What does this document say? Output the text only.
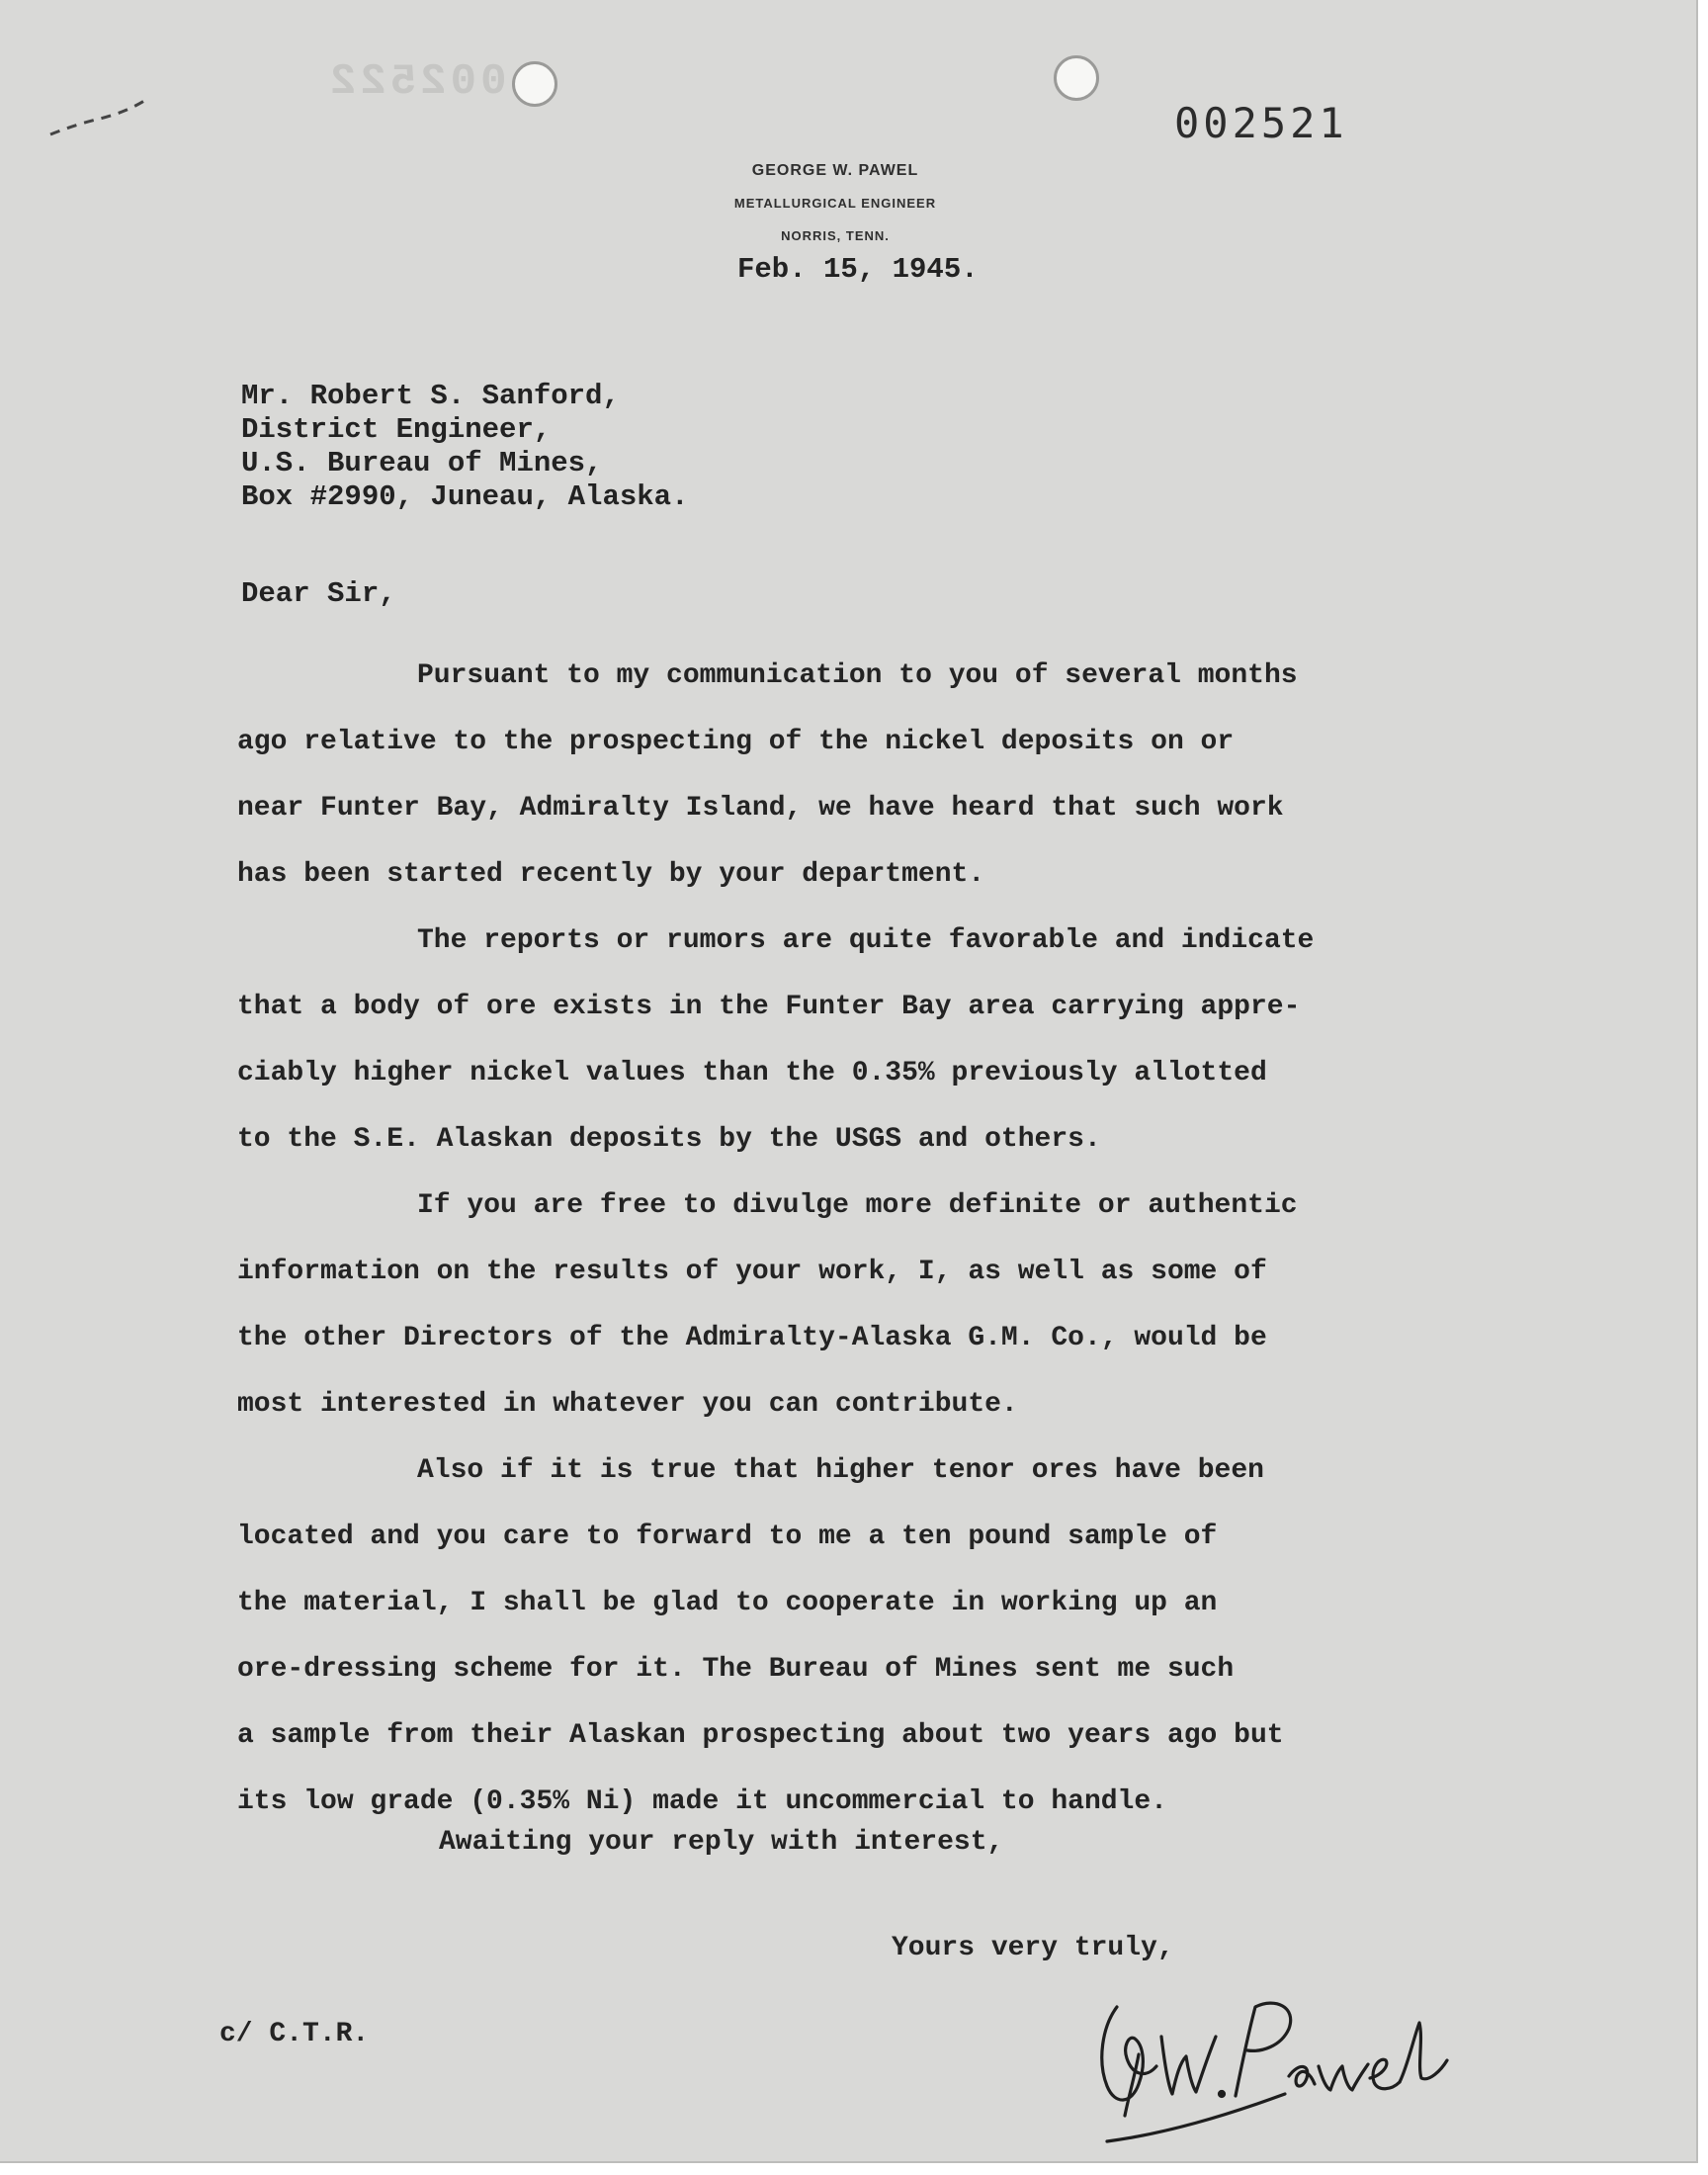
002522
002521
GEORGE W. PAWEL
METALLURGICAL ENGINEER
NORRIS, TENN.
Feb. 15, 1945.
Mr. Robert S. Sanford,
District Engineer,
U.S. Bureau of Mines,
Box #2990, Juneau, Alaska.
Dear Sir,
Pursuant to my communication to you of several months
ago relative to the prospecting of the nickel deposits on or
near Funter Bay, Admiralty Island, we have heard that such work
has been started recently by your department.
The reports or rumors are quite favorable and indicate
that a body of ore exists in the Funter Bay area carrying appre-
ciably higher nickel values than the 0.35% previously allotted
to the S.E. Alaskan deposits by the USGS and others.
If you are free to divulge more definite or authentic
information on the results of your work, I, as well as some of
the other Directors of the Admiralty-Alaska G.M. Co., would be
most interested in whatever you can contribute.
Also if it is true that higher tenor ores have been
located and you care to forward to me a ten pound sample of
the material, I shall be glad to cooperate in working up an
ore-dressing scheme for it. The Bureau of Mines sent me such
a sample from their Alaskan prospecting about two years ago but
its low grade (0.35% Ni) made it uncommercial to handle.
Awaiting your reply with interest,
Yours very truly,
c/ C.T.R.
